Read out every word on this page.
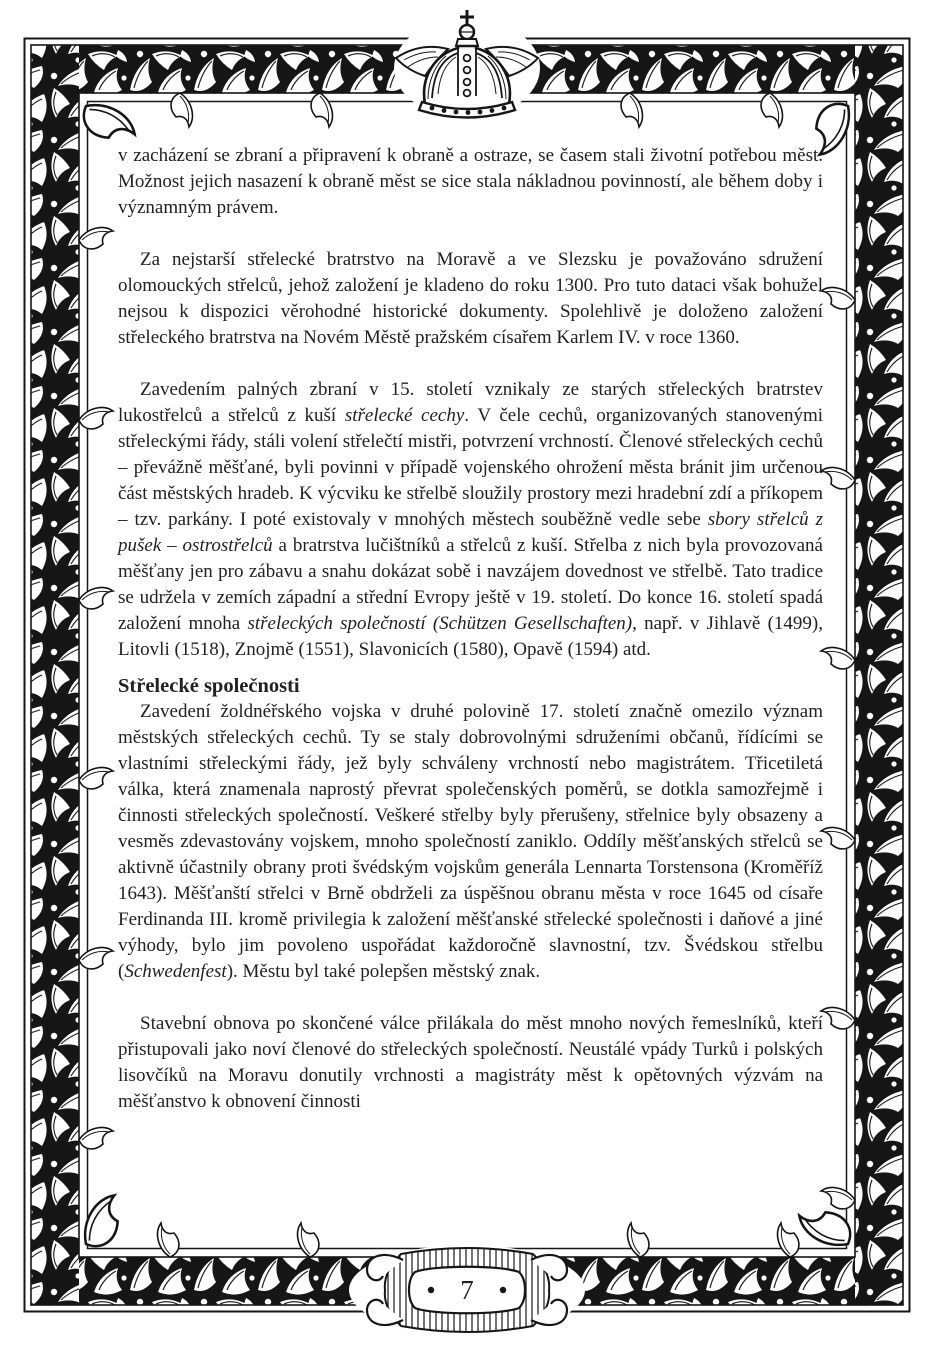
v zacházení se zbraní a připravení k obraně a ostraze, se časem stali životní potřebou měst. Možnost jejich nasazení k obraně měst se sice stala nákladnou povinností, ale během doby i významným právem.

Za nejstarší střelecké bratrstvo na Moravě a ve Slezsku je považováno sdružení olomouckých střelců, jehož založení je kladeno do roku 1300. Pro tuto dataci však bohužel nejsou k dispozici věrohodné historické dokumenty. Spolehlivě je doloženo založení střeleckého bratrstva na Novém Městě pražském císařem Karlem IV. v roce 1360.

Zavedením palných zbraní v 15. století vznikaly ze starých střeleckých bratrstev lukostřelců a střelců z kuší střelecké cechy. V čele cechů, organizovaných stanovenými střeleckými řády, stáli volení střelečtí mistři, potvrzení vrchností. Členové střeleckých cechů – převážně měšťané, byli povinni v případě vojenského ohrožení města bránit jim určenou část městských hradeb. K výcviku ke střelbě sloužily prostory mezi hradební zdí a příkopem – tzv. parkány. I poté existovaly v mnohých městech souběžně vedle sebe sbory střelců z pušek – ostrostřelců a bratrstva lučištníků a střelců z kuší. Střelba z nich byla provozovaná měšťany jen pro zábavu a snahu dokázat sobě i navzájem dovednost ve střelbě. Tato tradice se udržela v zemích západní a střední Evropy ještě v 19. století. Do konce 16. století spadá založení mnoha střeleckých společností (Schützen Gesellschaften), např. v Jihlavě (1499), Litovli (1518), Znojmě (1551), Slavonicích (1580), Opavě (1594) atd.

Střelecké společnosti

Zavedení žoldnéřského vojska v druhé polovině 17. století značně omezilo význam městských střeleckých cechů. Ty se staly dobrovolnými sdruženími občanů, řídícími se vlastními střeleckými řády, jež byly schváleny vrchností nebo magistrátem. Třicetiletá válka, která znamenala naprostý převrat společenských poměrů, se dotkla samozřejmě i činnosti střeleckých společností. Veškeré střelby byly přerušeny, střelnice byly obsazeny a vesměs zdevastovány vojskem, mnoho společností zaniklo. Oddíly měšťanských střelců se aktivně účastnily obrany proti švédským vojskům generála Lennarta Torstensona (Kroměříž 1643). Měšťanští střelci v Brně obdrželi za úspěšnou obranu města v roce 1645 od císaře Ferdinanda III. kromě privilegia k založení měšťanské střelecké společnosti i daňové a jiné výhody, bylo jim povoleno uspořádat každoročně slavnostní, tzv. Švédskou střelbu (Schwedenfest). Městu byl také polepšen městský znak.

Stavební obnova po skončené válce přilákala do měst mnoho nových řemeslníků, kteří přistupovali jako noví členové do střeleckých společností. Neustálé vpády Turků i polských lisovčíků na Moravu donutily vrchnosti a magistráty měst k opětovných výzvám na měšťanstvo k obnovení činnosti

7
